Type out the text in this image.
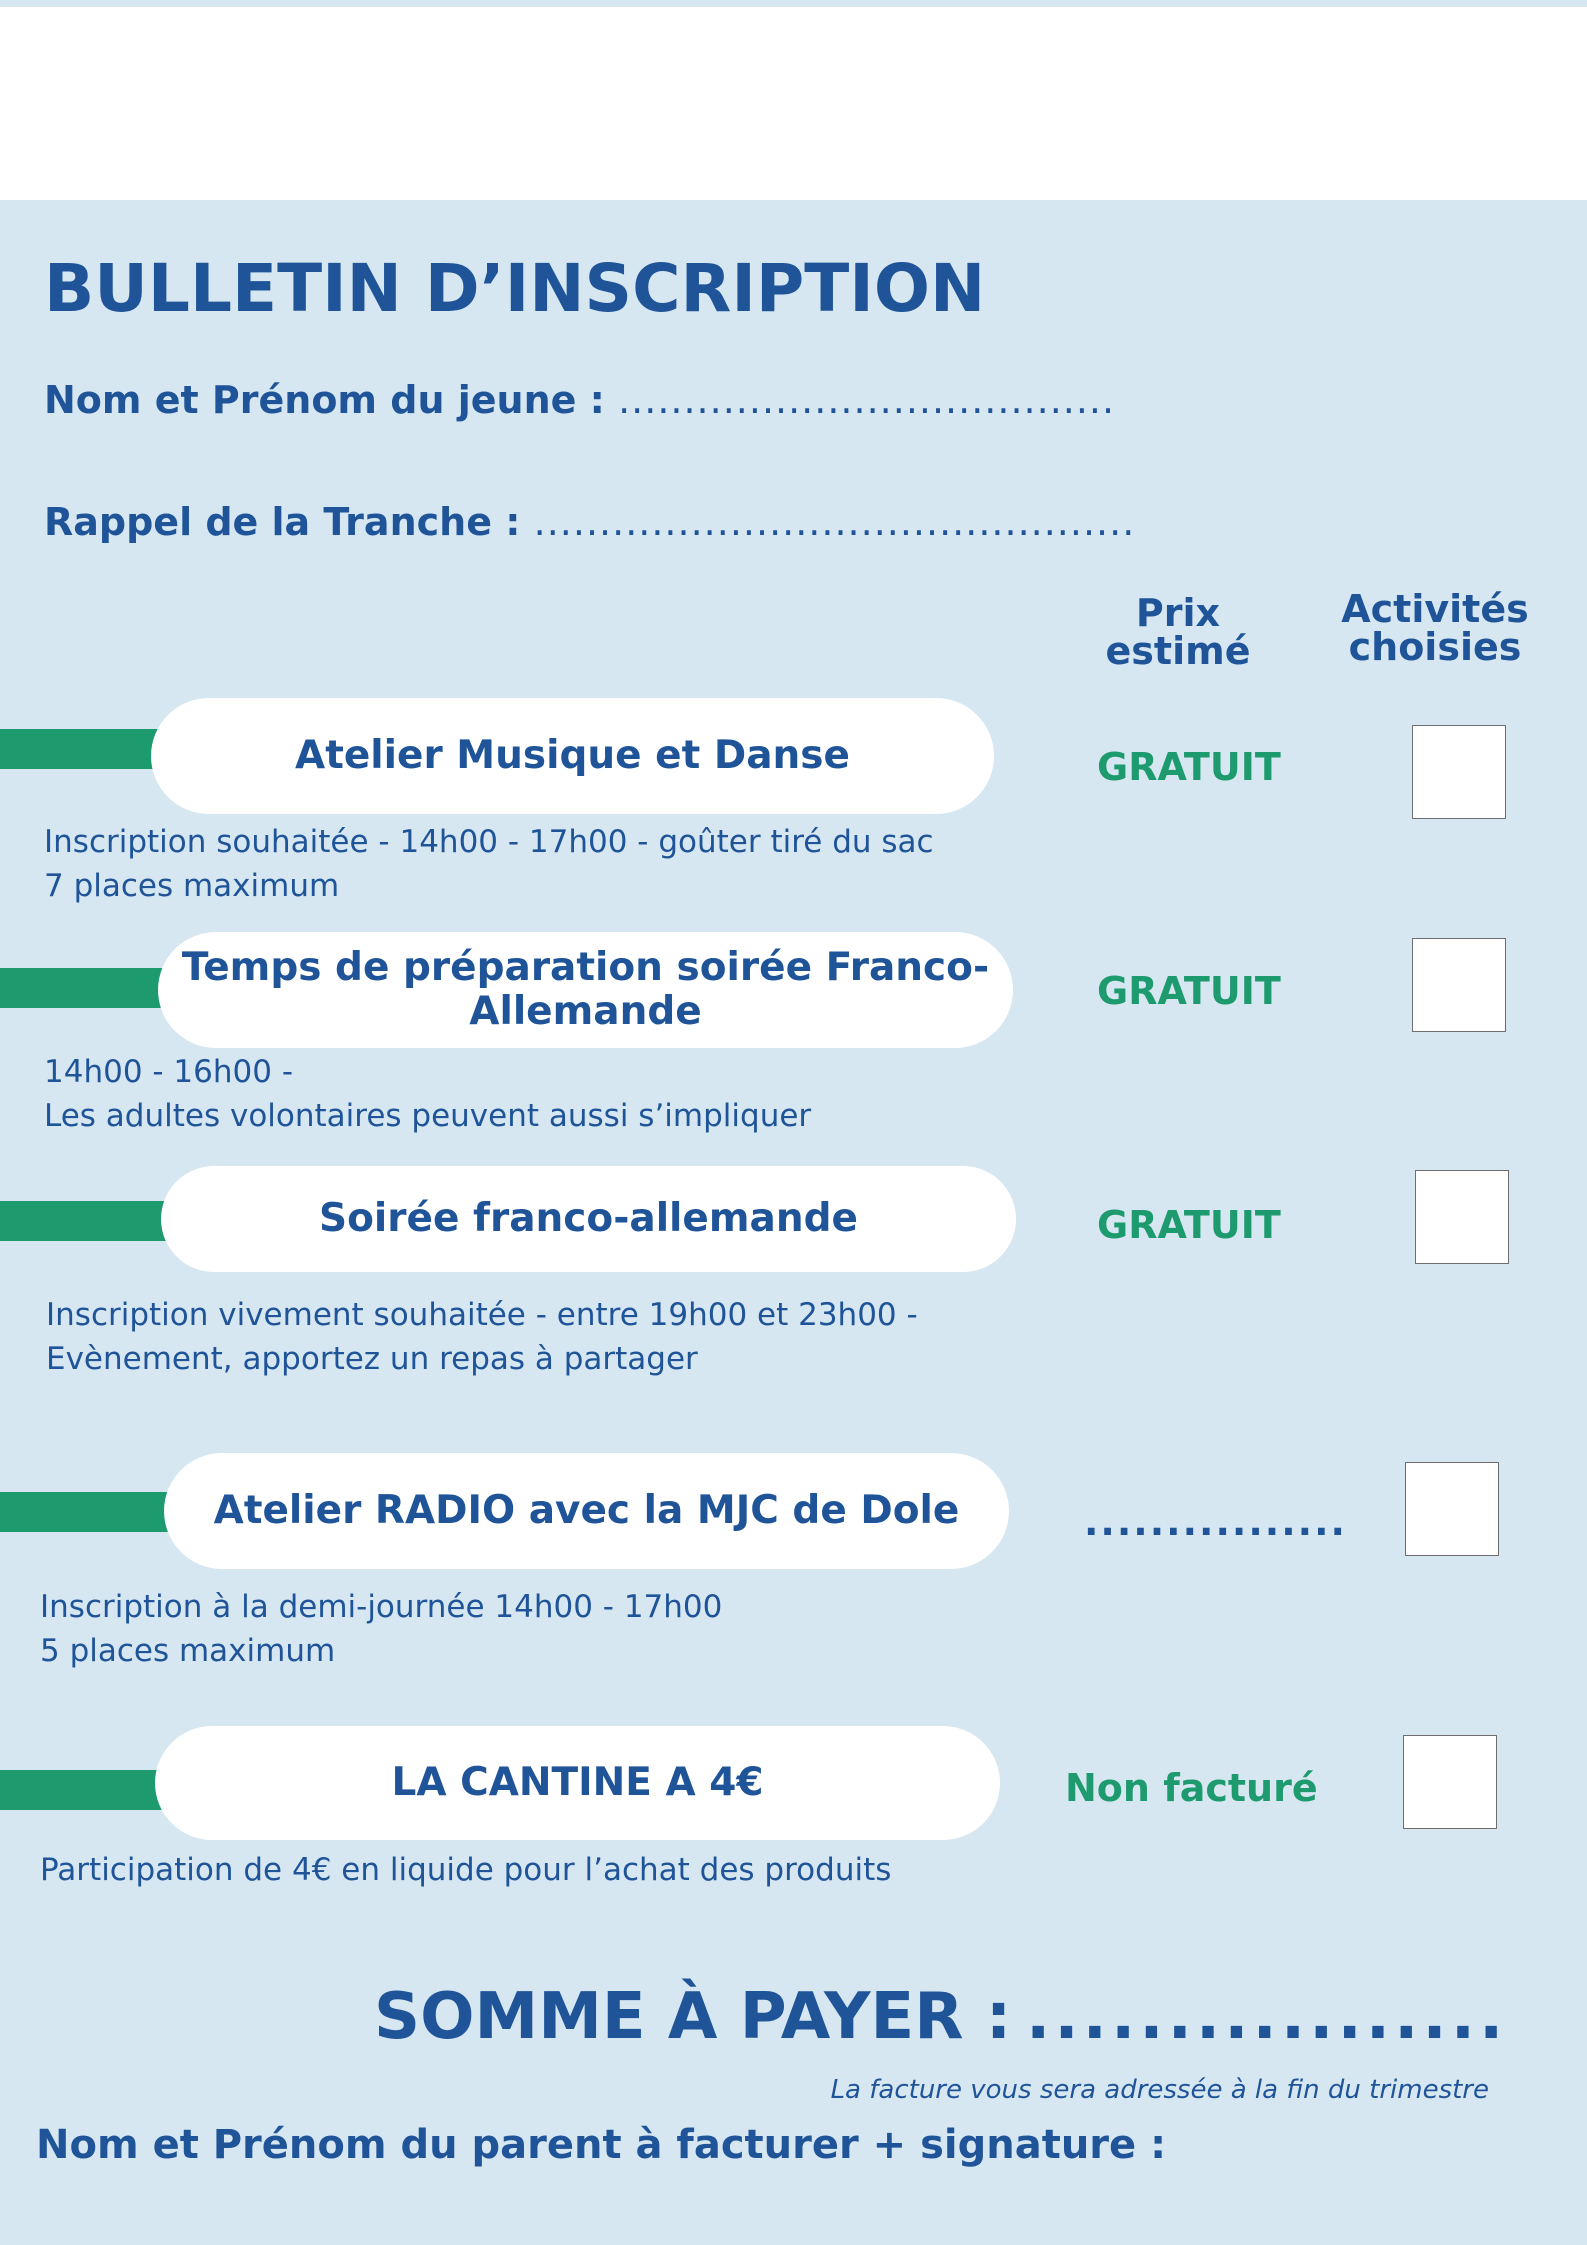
BULLETIN D’INSCRIPTION
Nom et Prénom du jeune : ......................................
Rappel de la Tranche : ..............................................
Prix
estimé
Activités
choisies
Atelier Musique et Danse
Inscription souhaitée - 14h00 - 17h00 - goûter tiré du sac
7 places maximum
GRATUIT
Temps de préparation soirée Franco-Allemande
14h00 - 16h00 -
Les adultes volontaires peuvent aussi s’impliquer
GRATUIT
Soirée franco-allemande
Inscription vivement souhaitée - entre 19h00 et 23h00 -
Evènement, apportez un repas à partager
GRATUIT
Atelier RADIO avec la MJC de Dole
Inscription à la demi-journée 14h00 - 17h00
5 places maximum
................
LA CANTINE A 4€
Participation de 4€ en liquide pour l’achat des produits
Non facturé
SOMME À PAYER : .................
La facture vous sera adressée à la fin du trimestre
Nom et Prénom du parent à facturer + signature :
